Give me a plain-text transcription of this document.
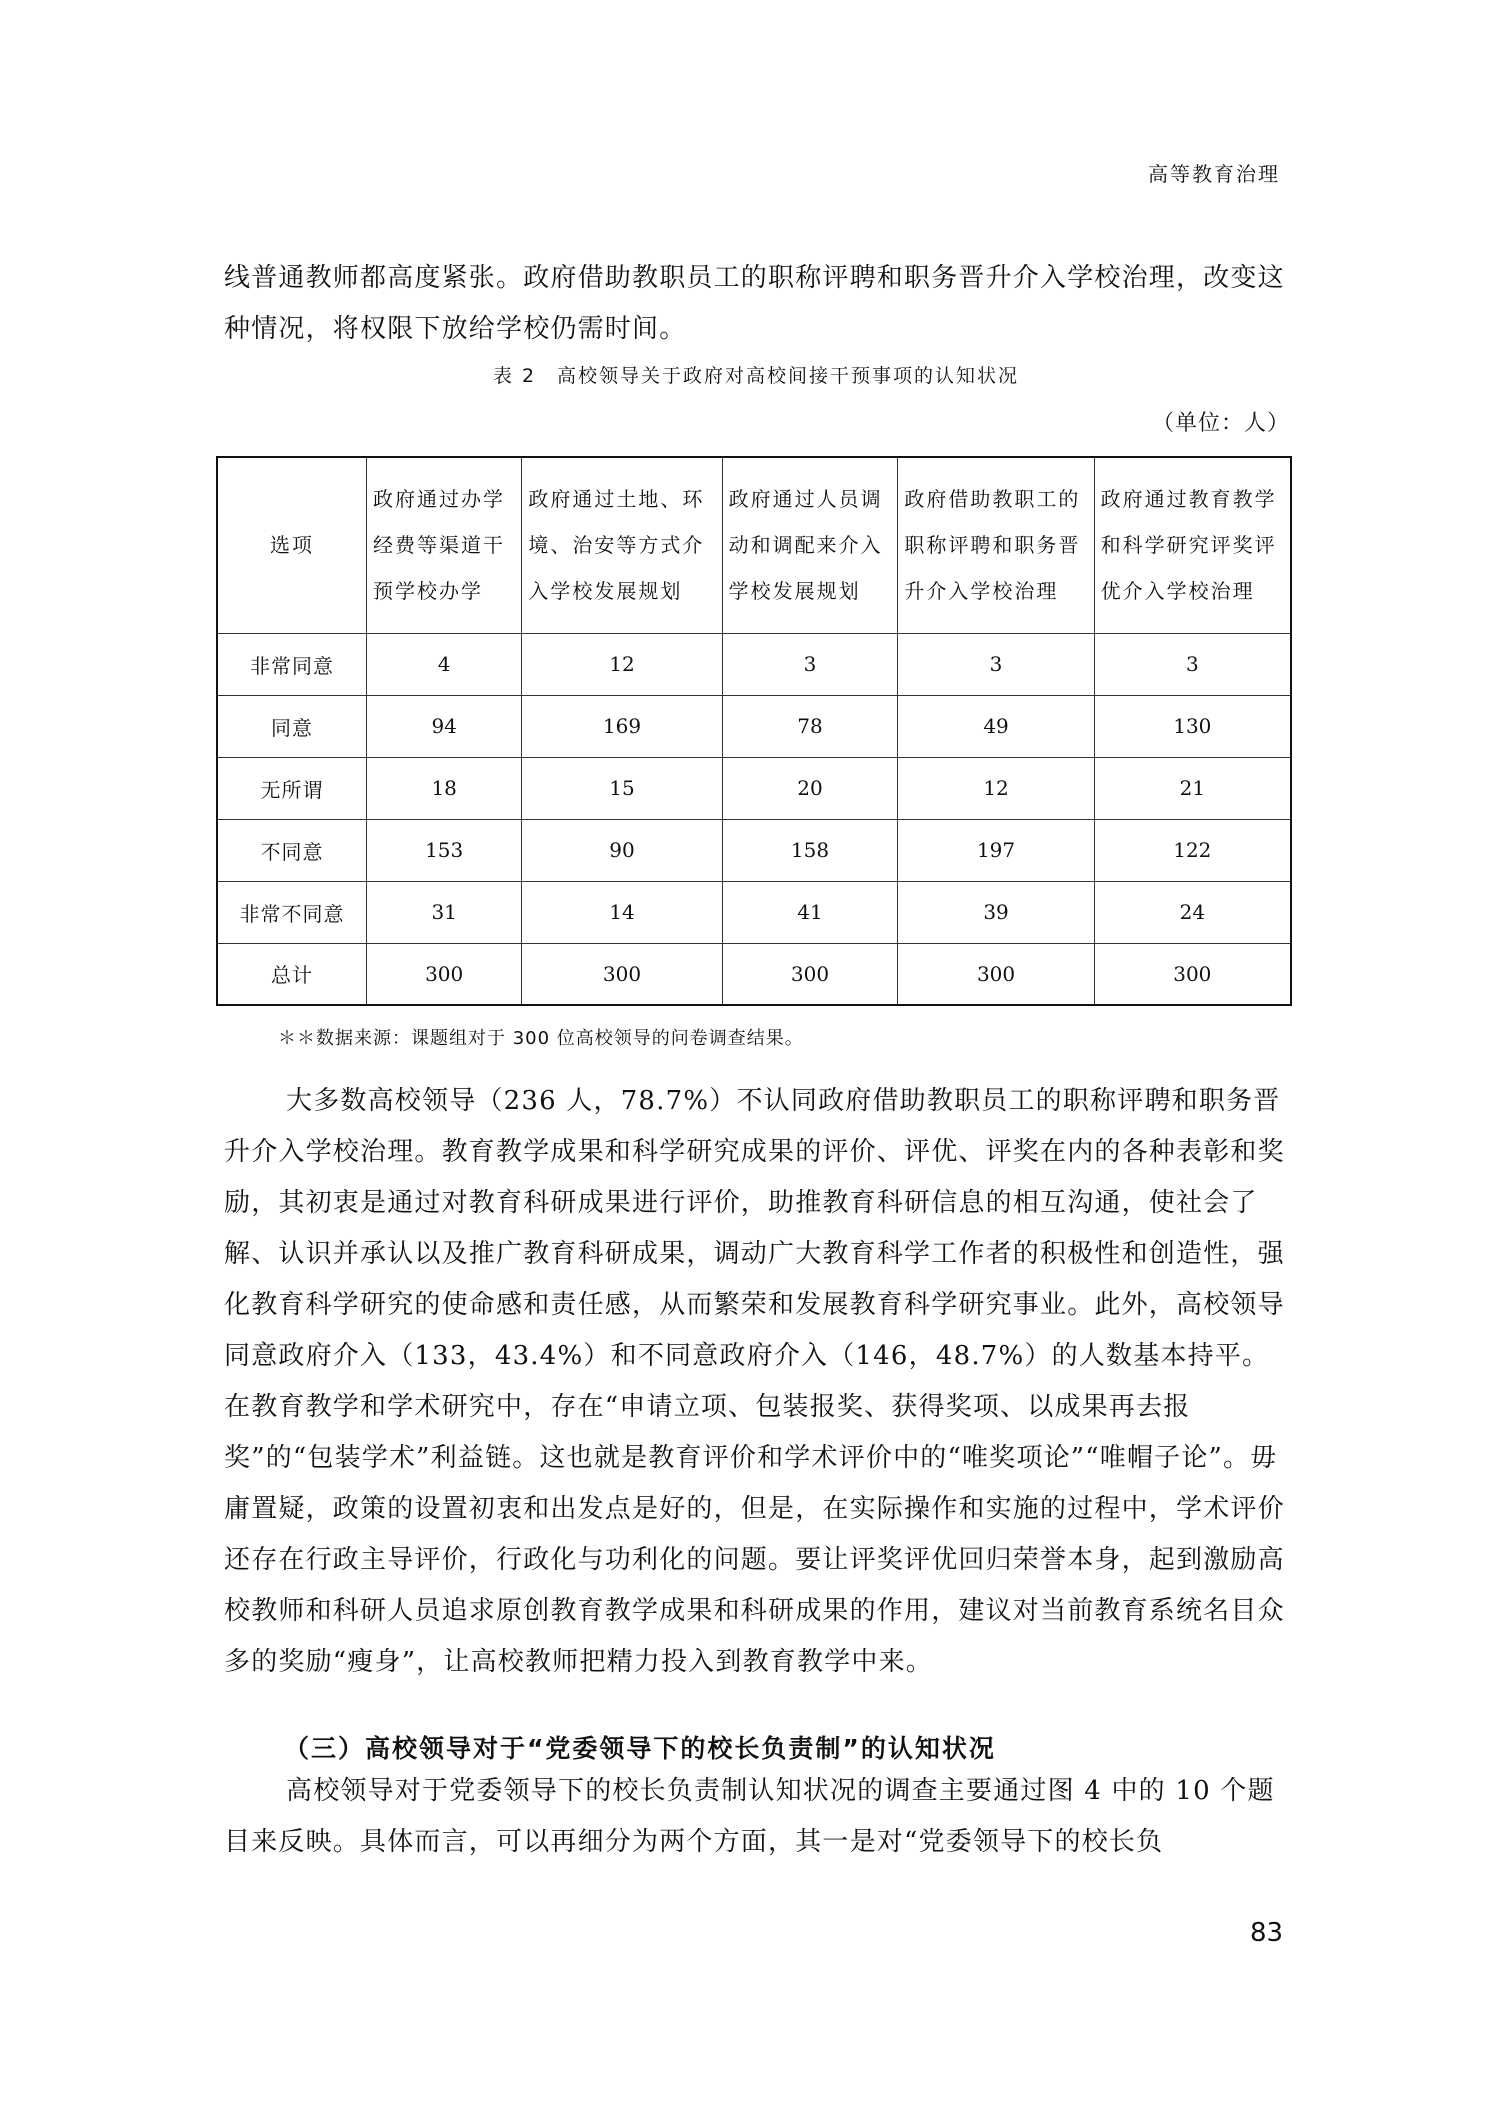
高等教育治理
线普通教师都高度紧张。政府借助教职员工的职称评聘和职务晋升介入学校治理，改变这种情况，将权限下放给学校仍需时间。
表 2　高校领导关于政府对高校间接干预事项的认知状况
（单位：人）
选项	政府通过办学经费等渠道干预学校办学	政府通过土地、环境、治安等方式介入学校发展规划	政府通过人员调动和调配来介入学校发展规划	政府借助教职工的职称评聘和职务晋升介入学校治理	政府通过教育教学和科学研究评奖评优介入学校治理
非常同意	4	12	3	3	3
同意	94	169	78	49	130
无所谓	18	15	20	12	21
不同意	153	90	158	197	122
非常不同意	31	14	41	39	24
总计	300	300	300	300	300
＊＊数据来源：课题组对于 300 位高校领导的问卷调查结果。
大多数高校领导（236 人，78.7%）不认同政府借助教职员工的职称评聘和职务晋升介入学校治理。教育教学成果和科学研究成果的评价、评优、评奖在内的各种表彰和奖励，其初衷是通过对教育科研成果进行评价，助推教育科研信息的相互沟通，使社会了解、认识并承认以及推广教育科研成果，调动广大教育科学工作者的积极性和创造性，强化教育科学研究的使命感和责任感，从而繁荣和发展教育科学研究事业。此外，高校领导同意政府介入（133，43.4%）和不同意政府介入（146，48.7%）的人数基本持平。在教育教学和学术研究中，存在“申请立项、包装报奖、获得奖项、以成果再去报奖”的“包装学术”利益链。这也就是教育评价和学术评价中的“唯奖项论”“唯帽子论”。毋庸置疑，政策的设置初衷和出发点是好的，但是，在实际操作和实施的过程中，学术评价还存在行政主导评价，行政化与功利化的问题。要让评奖评优回归荣誉本身，起到激励高校教师和科研人员追求原创教育教学成果和科研成果的作用，建议对当前教育系统名目众多的奖励“瘦身”，让高校教师把精力投入到教育教学中来。
（三）高校领导对于“党委领导下的校长负责制”的认知状况
高校领导对于党委领导下的校长负责制认知状况的调查主要通过图 4 中的 10 个题目来反映。具体而言，可以再细分为两个方面，其一是对“党委领导下的校长负
83
